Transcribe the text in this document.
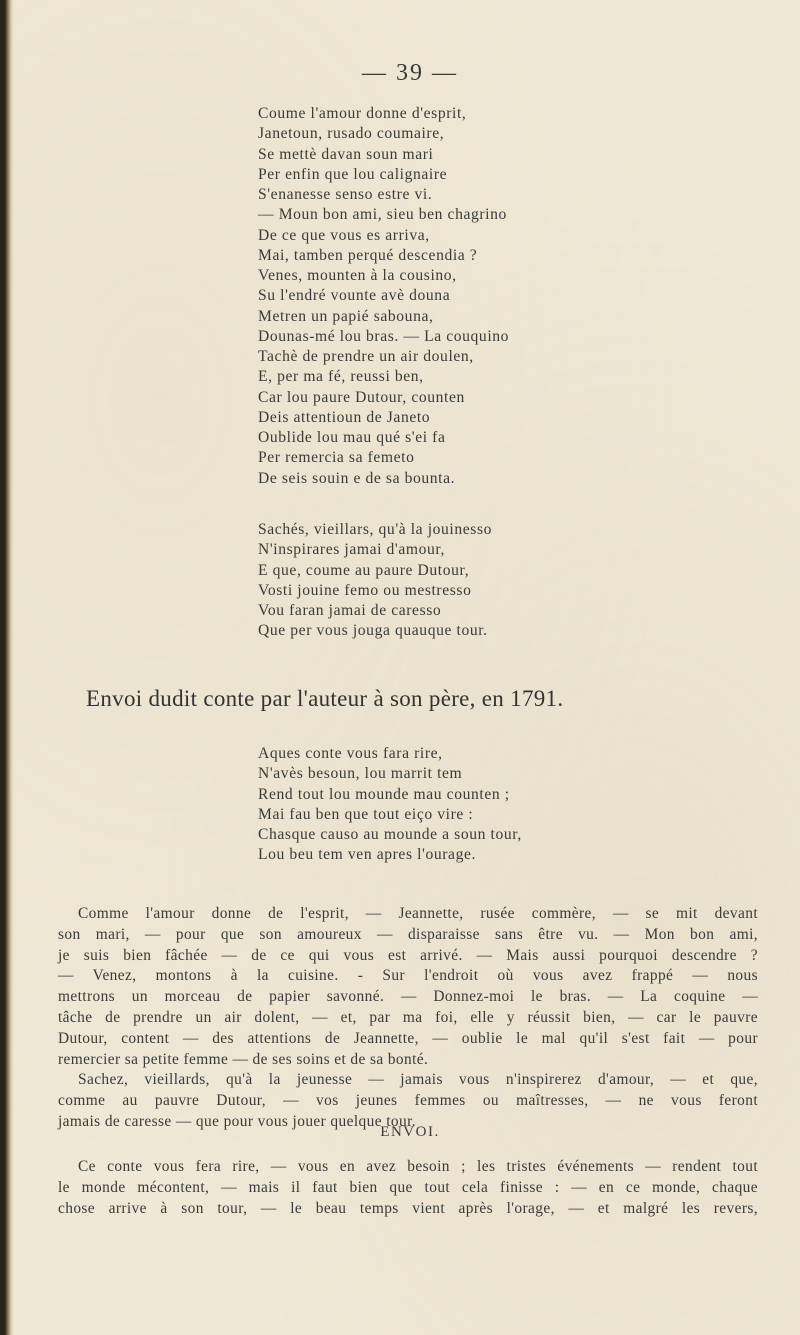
— 39 —
Coume l'amour donne d'esprit,
Janetoun, rusado coumaire,
Se mettè davan soun mari
Per enfin que lou calignaire
S'enanesse senso estre vi.
— Moun bon ami, sieu ben chagrino
De ce que vous es arriva,
Mai, tamben perqué descendia ?
Venes, mounten à la cousino,
Su l'endré vounte avè douna
Metren un papié sabouna,
Dounas-mé lou bras. — La couquino
Tachè de prendre un air doulen,
E, per ma fé, reussi ben,
Car lou paure Dutour, counten
Deis attentioun de Janeto
Oublide lou mau qué s'ei fa
Per remercia sa femeto
De seis souin e de sa bounta.
Sachés, vieillars, qu'à la jouinesso
N'inspirares jamai d'amour,
E que, coume au paure Dutour,
Vosti jouine femo ou mestresso
Vou faran jamai de caresso
Que per vous jouga quauque tour.
Envoi dudit conte par l'auteur à son père, en 1791.
Aques conte vous fara rire,
N'avès besoun, lou marrit tem
Rend tout lou mounde mau counten ;
Mai fau ben que tout eiço vire :
Chasque causo au mounde a soun tour,
Lou beu tem ven apres l'ourage.
Comme l'amour donne de l'esprit, — Jeannette, rusée commère, — se mit devant
son mari, — pour que son amoureux — disparaisse sans être vu. — Mon bon ami,
je suis bien fâchée — de ce qui vous est arrivé. — Mais aussi pourquoi descendre ?
— Venez, montons à la cuisine. - Sur l'endroit où vous avez frappé — nous
mettrons un morceau de papier savonné. — Donnez-moi le bras. — La coquine —
tâche de prendre un air dolent, — et, par ma foi, elle y réussit bien, — car le pauvre
Dutour, content — des attentions de Jeannette, — oublie le mal qu'il s'est fait — pour
remercier sa petite femme — de ses soins et de sa bonté.
Sachez, vieillards, qu'à la jeunesse — jamais vous n'inspirerez d'amour, — et que,
comme au pauvre Dutour, — vos jeunes femmes ou maîtresses, — ne vous feront
jamais de caresse — que pour vous jouer quelque tour.
ENVOI.
Ce conte vous fera rire, — vous en avez besoin ; les tristes événements — rendent tout
le monde mécontent, — mais il faut bien que tout cela finisse : — en ce monde, chaque
chose arrive à son tour, — le beau temps vient après l'orage, — et malgré les revers,
